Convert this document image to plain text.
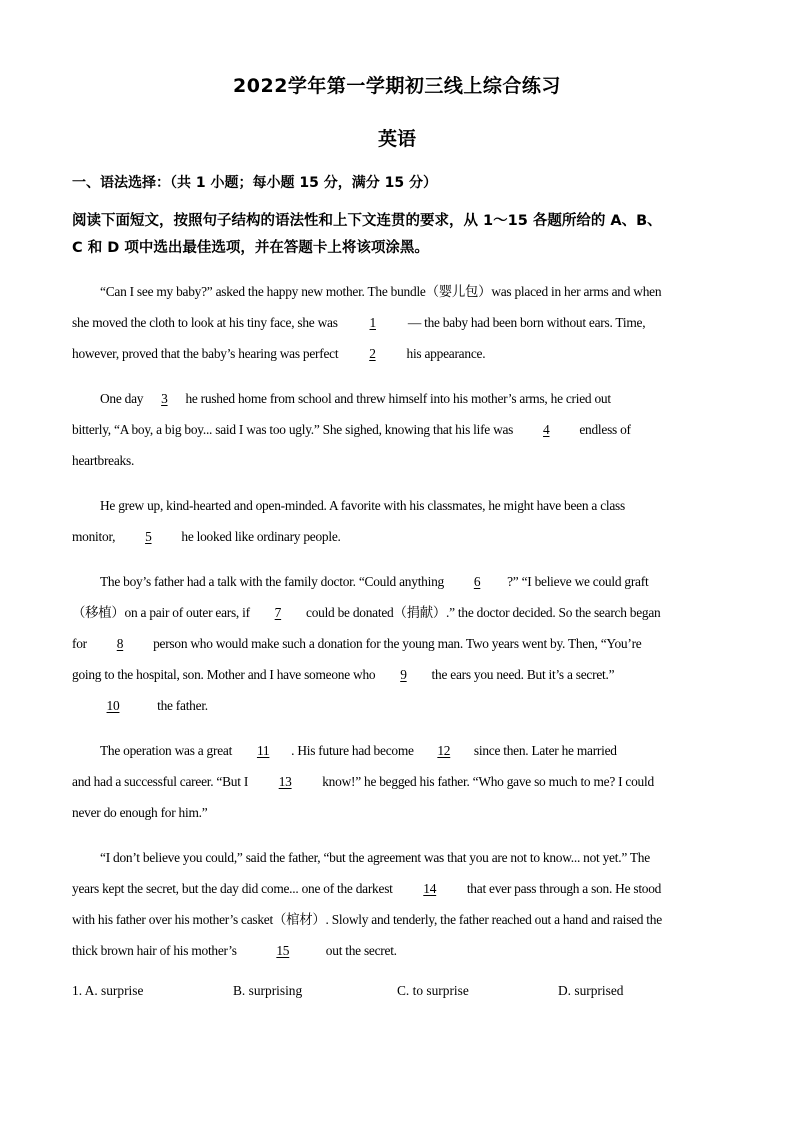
2022学年第一学期初三线上综合练习
英语
一、语法选择：（共 1 小题；每小题 15 分，满分 15 分）
阅读下面短文，按照句子结构的语法性和上下文连贯的要求，从 1～15 各题所给的 A、B、
C 和 D 项中选出最佳选项，并在答题卡上将该项涂黑。
“Can I see my baby?” asked the happy new mother. The bundle（婴儿包）was placed in her arms and when
she moved the cloth to look at his tiny face, she was 1 — the baby had been born without ears. Time,
however, proved that the baby’s hearing was perfect 2 his appearance.
One day 3 he rushed home from school and threw himself into his mother’s arms, he cried out
bitterly, “A boy, a big boy... said I was too ugly.” She sighed, knowing that his life was 4 endless of
heartbreaks.
He grew up, kind-hearted and open-minded. A favorite with his classmates, he might have been a class
monitor, 5 he looked like ordinary people.
The boy’s father had a talk with the family doctor. “Could anything 6 ?” “I believe we could graft
（移植）on a pair of outer ears, if 7 could be donated（捐献）.” the doctor decided. So the search began
for 8 person who would make such a donation for the young man. Two years went by. Then, “You’re
going to the hospital, son. Mother and I have someone who 9 the ears you need. But it’s a secret.”
10	the father.
The operation was a great 11 . His future had become 12 since then. Later he married
and had a successful career. “But I 13 know!” he begged his father. “Who gave so much to me? I could
never do enough for him.”
“I don’t believe you could,” said the father, “but the agreement was that you are not to know... not yet.” The
years kept the secret, but the day did come... one of the darkest 14 that ever pass through a son. He stood
with his father over his mother’s casket（棺材）. Slowly and tenderly, the father reached out a hand and raised the
thick brown hair of his mother’s	15	out the secret.
1. A. surprise	B. surprising	C. to surprise	D. surprised
